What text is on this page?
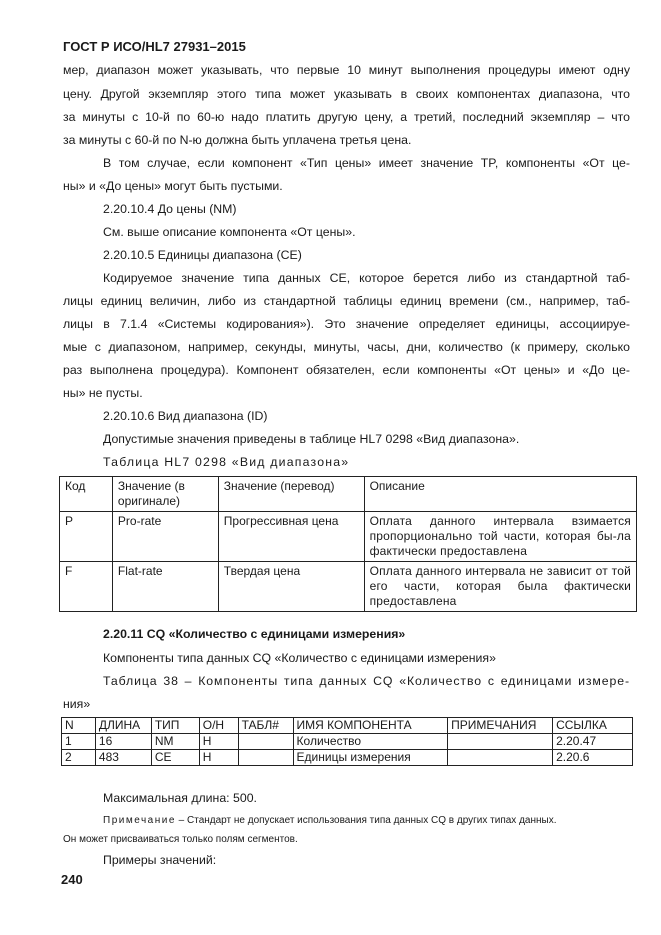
ГОСТ Р ИСО/HL7 27931–2015
мер, диапазон может указывать, что первые 10 минут выполнения процедуры имеют одну
цену. Другой экземпляр этого типа может указывать в своих компонентах диапазона, что
за минуты с 10-й по 60-ю надо платить другую цену, а третий, последний экземпляр – что
за минуты с 60-й по N-ю должна быть уплачена третья цена.
В том случае, если компонент «Тип цены» имеет значение TP, компоненты «От це-
ны» и «До цены» могут быть пустыми.
2.20.10.4 До цены (NM)
См. выше описание компонента «От цены».
2.20.10.5 Единицы диапазона (CE)
Кодируемое значение типа данных CE, которое берется либо из стандартной таб-
лицы единиц величин, либо из стандартной таблицы единиц времени (см., например, таб-
лицы в 7.1.4 «Системы кодирования»). Это значение определяет единицы, ассоциируе-
мые с диапазоном, например, секунды, минуты, часы, дни, количество (к примеру, сколько
раз выполнена процедура). Компонент обязателен, если компоненты «От цены» и «До це-
ны» не пусты.
2.20.10.6 Вид диапазона (ID)
Допустимые значения приведены в таблице HL7 0298 «Вид диапазона».
Таблица HL7 0298 «Вид диапазона»
Код	Значение (в оригинале)	Значение (перевод)	Описание
P	Pro-rate	Прогрессивная цена	Оплата данного интервала взимается пропорционально той части, которая бы-ла фактически предоставлена
F	Flat-rate	Твердая цена	Оплата данного интервала не зависит от той его части, которая была фактически предоставлена
2.20.11 CQ «Количество с единицами измерения»
Компоненты типа данных CQ «Количество с единицами измерения»
Таблица 38 – Компоненты типа данных CQ «Количество с единицами измере-
ния»
N	ДЛИНА	ТИП	О/Н	ТАБЛ#	ИМЯ КОМПОНЕНТА	ПРИМЕЧАНИЯ	ССЫЛКА
1	16	NM	Н		Количество		2.20.47
2	483	CE	Н		Единицы измерения		2.20.6
Максимальная длина: 500.
Примечание – Стандарт не допускает использования типа данных CQ в других типах данных.
Он может присваиваться только полям сегментов.
Примеры значений:
240
